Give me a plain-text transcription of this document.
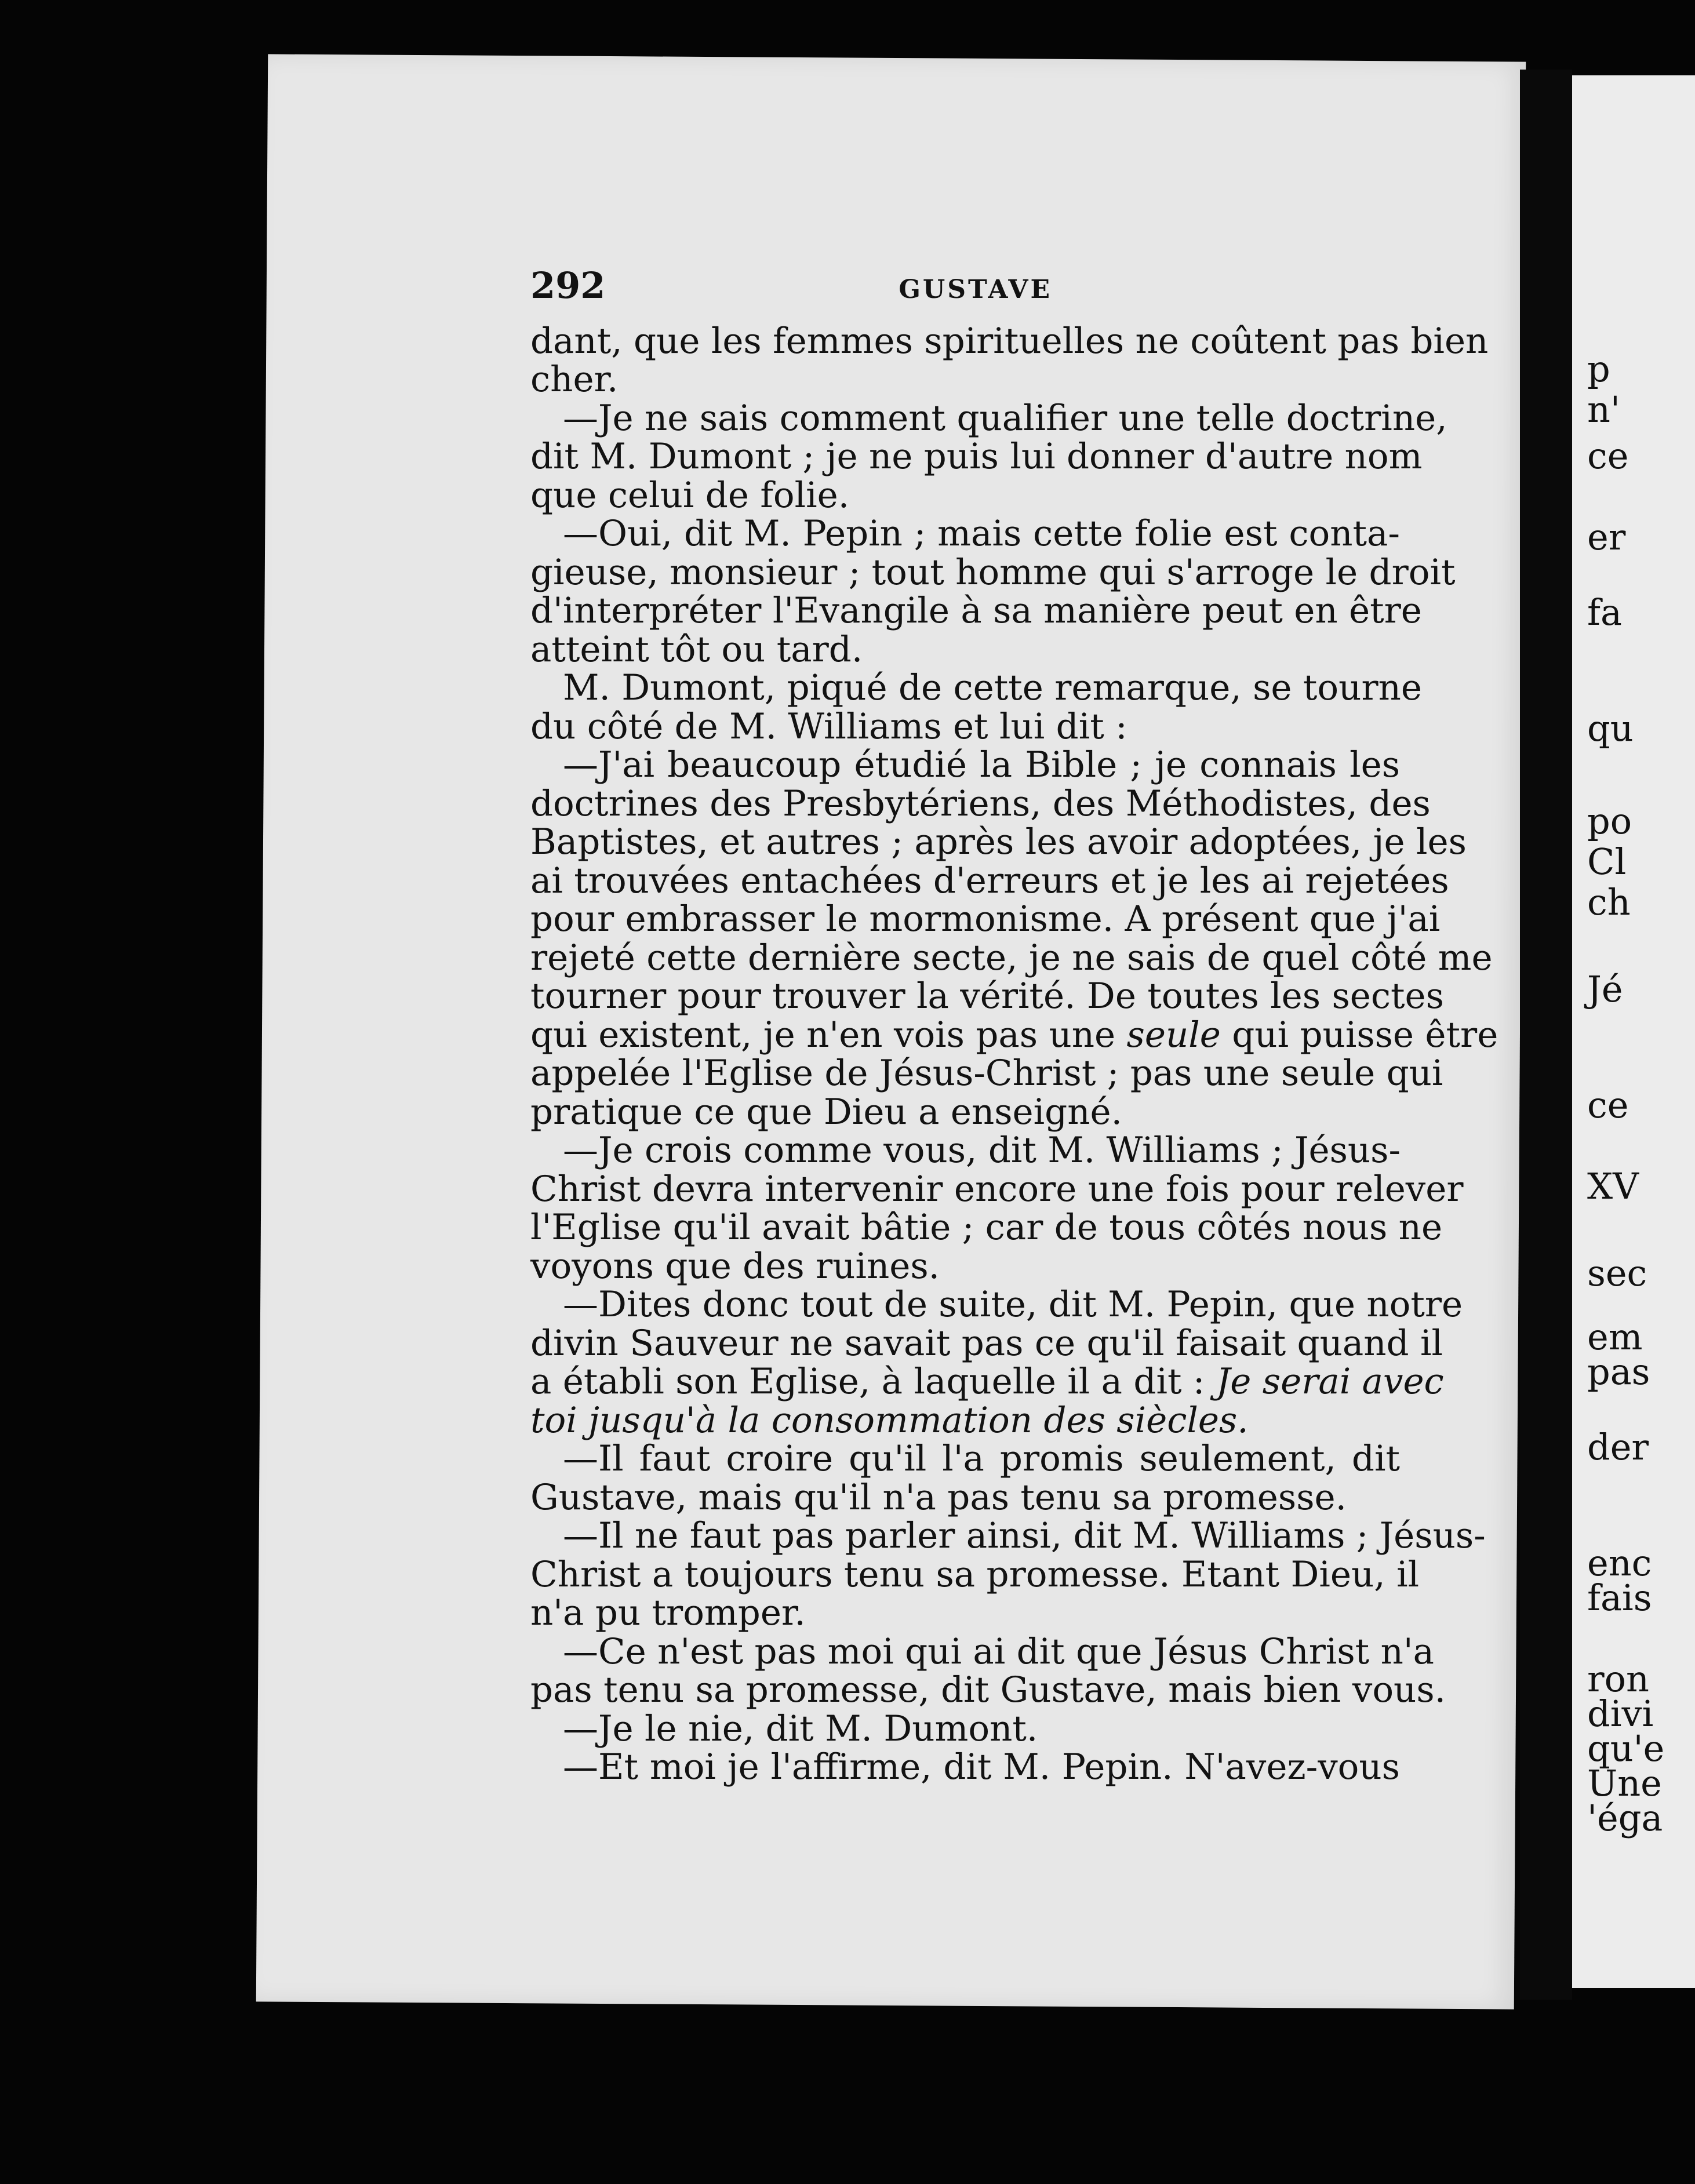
p
n'
ce
er
fa
qu
po
Cl
ch
Jé
ce
XV
sec
em
pas
der
enc
fais
ron
divi
qu'e
Une
'éga
292	GUSTAVE
dant, que les femmes spirituelles ne coûtent pas bien
cher.
—Je ne sais comment qualifier une telle doctrine,
dit M. Dumont ; je ne puis lui donner d'autre nom
que celui de folie.
—Oui, dit M. Pepin ; mais cette folie est conta-
gieuse, monsieur ; tout homme qui s'arroge le droit
d'interpréter l'Evangile à sa manière peut en être
atteint tôt ou tard.
M. Dumont, piqué de cette remarque, se tourne
du côté de M. Williams et lui dit :
—J'ai beaucoup étudié la Bible ; je connais les
doctrines des Presbytériens, des Méthodistes, des
Baptistes, et autres ; après les avoir adoptées, je les
ai trouvées entachées d'erreurs et je les ai rejetées
pour embrasser le mormonisme. A présent que j'ai
rejeté cette dernière secte, je ne sais de quel côté me
tourner pour trouver la vérité. De toutes les sectes
qui existent, je n'en vois pas une seule qui puisse être
appelée l'Eglise de Jésus-Christ ; pas une seule qui
pratique ce que Dieu a enseigné.
—Je crois comme vous, dit M. Williams ; Jésus-
Christ devra intervenir encore une fois pour relever
l'Eglise qu'il avait bâtie ; car de tous côtés nous ne
voyons que des ruines.
—Dites donc tout de suite, dit M. Pepin, que notre
divin Sauveur ne savait pas ce qu'il faisait quand il
a établi son Eglise, à laquelle il a dit : Je serai avec
toi jusqu'à la consommation des siècles.
—Il faut croire qu'il l'a promis seulement, dit
Gustave, mais qu'il n'a pas tenu sa promesse.
—Il ne faut pas parler ainsi, dit M. Williams ; Jésus-
Christ a toujours tenu sa promesse. Etant Dieu, il
n'a pu tromper.
—Ce n'est pas moi qui ai dit que Jésus Christ n'a
pas tenu sa promesse, dit Gustave, mais bien vous.
—Je le nie, dit M. Dumont.
—Et moi je l'affirme, dit M. Pepin. N'avez-vous
